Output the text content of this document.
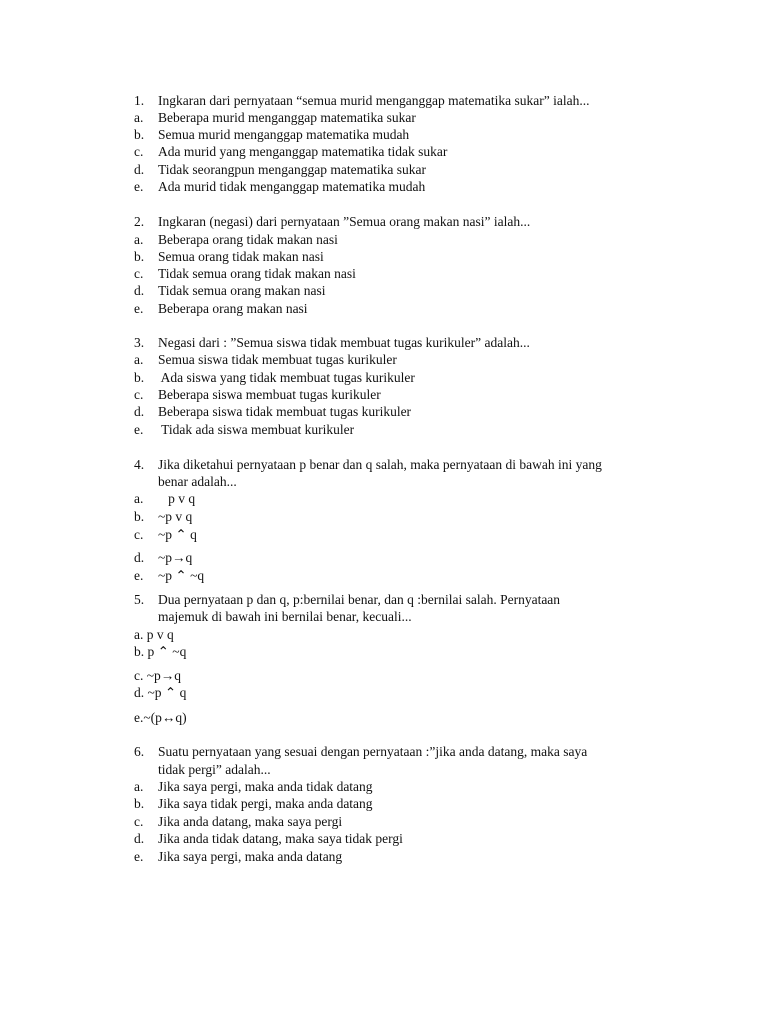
1. Ingkaran dari pernyataan “semua murid menganggap matematika sukar” ialah...
a. Beberapa murid menganggap matematika sukar
b. Semua murid menganggap matematika mudah
c. Ada murid yang menganggap matematika tidak sukar
d. Tidak seorangpun menganggap matematika sukar
e. Ada murid tidak menganggap matematika mudah
2. Ingkaran (negasi) dari pernyataan ”Semua orang makan nasi” ialah...
a. Beberapa orang tidak makan nasi
b. Semua orang tidak makan nasi
c. Tidak semua orang tidak makan nasi
d. Tidak semua orang makan nasi
e. Beberapa orang makan nasi
3. Negasi dari : ”Semua siswa tidak membuat tugas kurikuler” adalah...
a. Semua siswa tidak membuat tugas kurikuler
b. Ada siswa yang tidak membuat tugas kurikuler
c. Beberapa siswa membuat tugas kurikuler
d. Beberapa siswa tidak membuat tugas kurikuler
e. Tidak ada siswa membuat kurikuler
4. Jika diketahui pernyataan p benar dan q salah, maka pernyataan di bawah ini yang
benar adalah...
a. p v q
b. ~p v q
c. ~p ⌃ q
d. ~p→q
e. ~p ⌃ ~q
5. Dua pernyataan p dan q, p:bernilai benar, dan q :bernilai salah. Pernyataan
majemuk di bawah ini bernilai benar, kecuali...
a. p v q
b. p ⌃ ~q
c. ~p→q
d. ~p ⌃ q
e.~(p↔q)
6. Suatu pernyataan yang sesuai dengan pernyataan :”jika anda datang, maka saya
tidak pergi” adalah...
a. Jika saya pergi, maka anda tidak datang
b. Jika saya tidak pergi, maka anda datang
c. Jika anda datang, maka saya pergi
d. Jika anda tidak datang, maka saya tidak pergi
e. Jika saya pergi, maka anda datang
